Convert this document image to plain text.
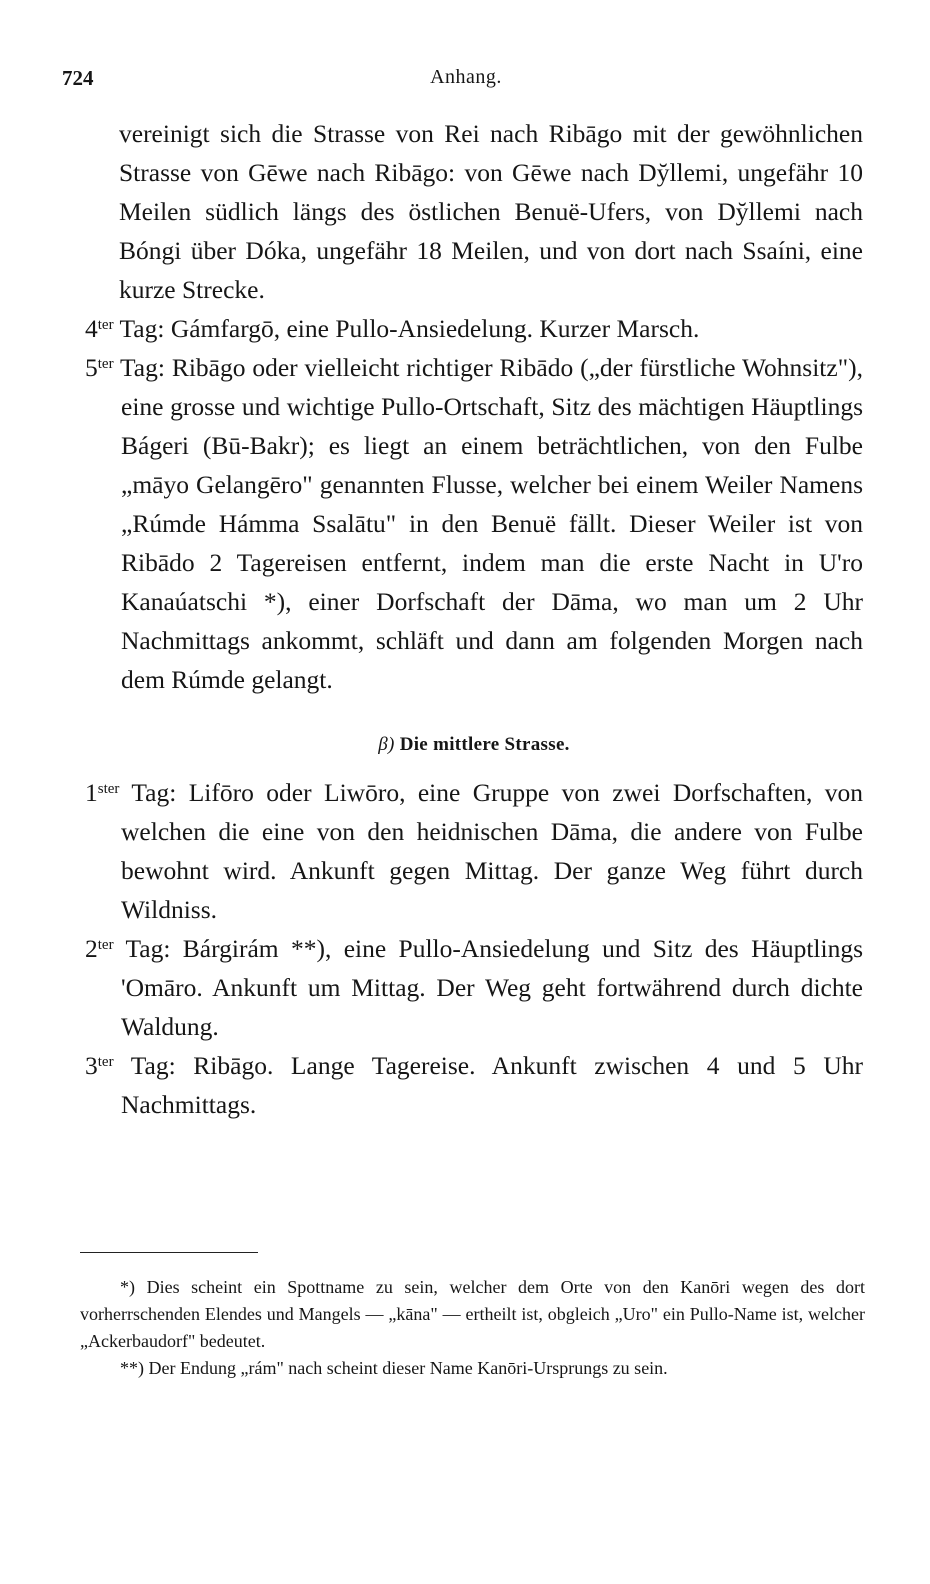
724	Anhang.

vereinigt sich die Strasse von Rei nach Ribāgo mit der gewöhnlichen Strasse von Gēwe nach Ribāgo: von Gēwe nach Dy̆llemi, ungefähr 10 Meilen südlich längs des östlichen Benuë-Ufers, von Dy̆llemi nach Bóngi über Dóka, ungefähr 18 Meilen, und von dort nach Ssaíni, eine kurze Strecke.

$4^{ter}$ Tag: Gámfargō, eine Pullo-Ansiedelung. Kurzer Marsch.

$5^{ter}$ Tag: Ribāgo oder vielleicht richtiger Ribādo („der fürstliche Wohnsitz"), eine grosse und wichtige Pullo-Ortschaft, Sitz des mächtigen Häuptlings Bágeri (Bū-Bakr); es liegt an einem beträchtlichen, von den Fulbe „māyo Gelangēro" genannten Flusse, welcher bei einem Weiler Namens „Rúmde Hámma Ssalātu" in den Benuë fällt. Dieser Weiler ist von Ribādo 2 Tagereisen entfernt, indem man die erste Nacht in U'ro Kanaúatschi *), einer Dorfschaft der Dāma, wo man um 2 Uhr Nachmittags ankommt, schläft und dann am folgenden Morgen nach dem Rúmde gelangt.

β) Die mittlere Strasse.

$1^{ster}$ Tag: Lifōro oder Liwōro, eine Gruppe von zwei Dorfschaften, von welchen die eine von den heidnischen Dāma, die andere von Fulbe bewohnt wird. Ankunft gegen Mittag. Der ganze Weg führt durch Wildniss.

$2^{ter}$ Tag: Bárgirám **), eine Pullo-Ansiedelung und Sitz des Häuptlings 'Omāro. Ankunft um Mittag. Der Weg geht fortwährend durch dichte Waldung.

$3^{ter}$ Tag: Ribāgo. Lange Tagereise. Ankunft zwischen 4 und 5 Uhr Nachmittags.

*) Dies scheint ein Spottname zu sein, welcher dem Orte von den Kanōri wegen des dort vorherrschenden Elendes und Mangels — „kāna" — ertheilt ist, obgleich „Uro" ein Pullo-Name ist, welcher „Ackerbaudorf" bedeutet.

**) Der Endung „rám" nach scheint dieser Name Kanōri-Ursprungs zu sein.
